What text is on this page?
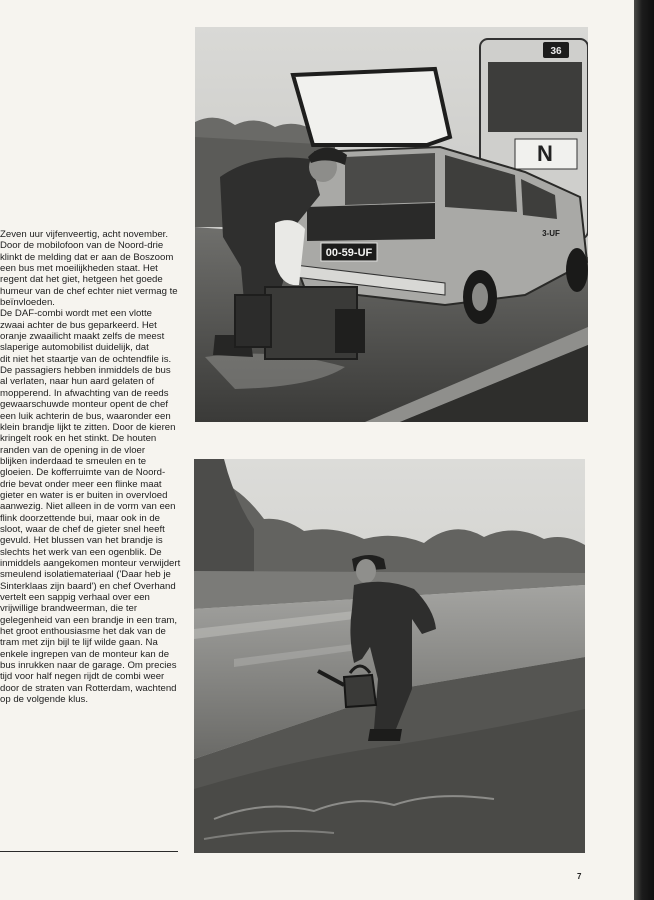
Zeven uur vijfenveertig, acht november.
Door de mobilofoon van de Noord-drie
klinkt de melding dat er aan de Boszoom
een bus met moeilijkheden staat. Het
regent dat het giet, hetgeen het goede
humeur van de chef echter niet vermag te
beïnvloeden.
De DAF-combi wordt met een vlotte
zwaai achter de bus geparkeerd. Het
oranje zwaailicht maakt zelfs de meest
slaperige automobilist duidelijk, dat
dit niet het staartje van de ochtendfile is.
De passagiers hebben inmiddels de bus
al verlaten, naar hun aard gelaten of
mopperend. In afwachting van de reeds
gewaarschuwde monteur opent de chef
een luik achterin de bus, waaronder een
klein brandje lijkt te zitten. Door de kieren
kringelt rook en het stinkt. De houten
randen van de opening in de vloer
blijken inderdaad te smeulen en te
gloeien. De kofferruimte van de Noord-
drie bevat onder meer een flinke maat
gieter en water is er buiten in overvloed
aanwezig. Niet alleen in de vorm van een
flink doorzettende bui, maar ook in de
sloot, waar de chef de gieter snel heeft
gevuld. Het blussen van het brandje is
slechts het werk van een ogenblik. De
inmiddels aangekomen monteur verwijdert
smeulend isolatiemateriaal ('Daar heb je
Sinterklaas zijn baard') en chef Overhand
vertelt een sappig verhaal over een
vrijwillige brandweerman, die ter
gelegenheid van een brandje in een tram,
het groot enthousiasme het dak van de
tram met zijn bijl te lijf wilde gaan. Na
enkele ingrepen van de monteur kan de
bus inrukken naar de garage. Om precies
tijd voor half negen rijdt de combi weer
door de straten van Rotterdam, wachtend
op de volgende klus.
36
N
00-59-UF
3-UF
7
